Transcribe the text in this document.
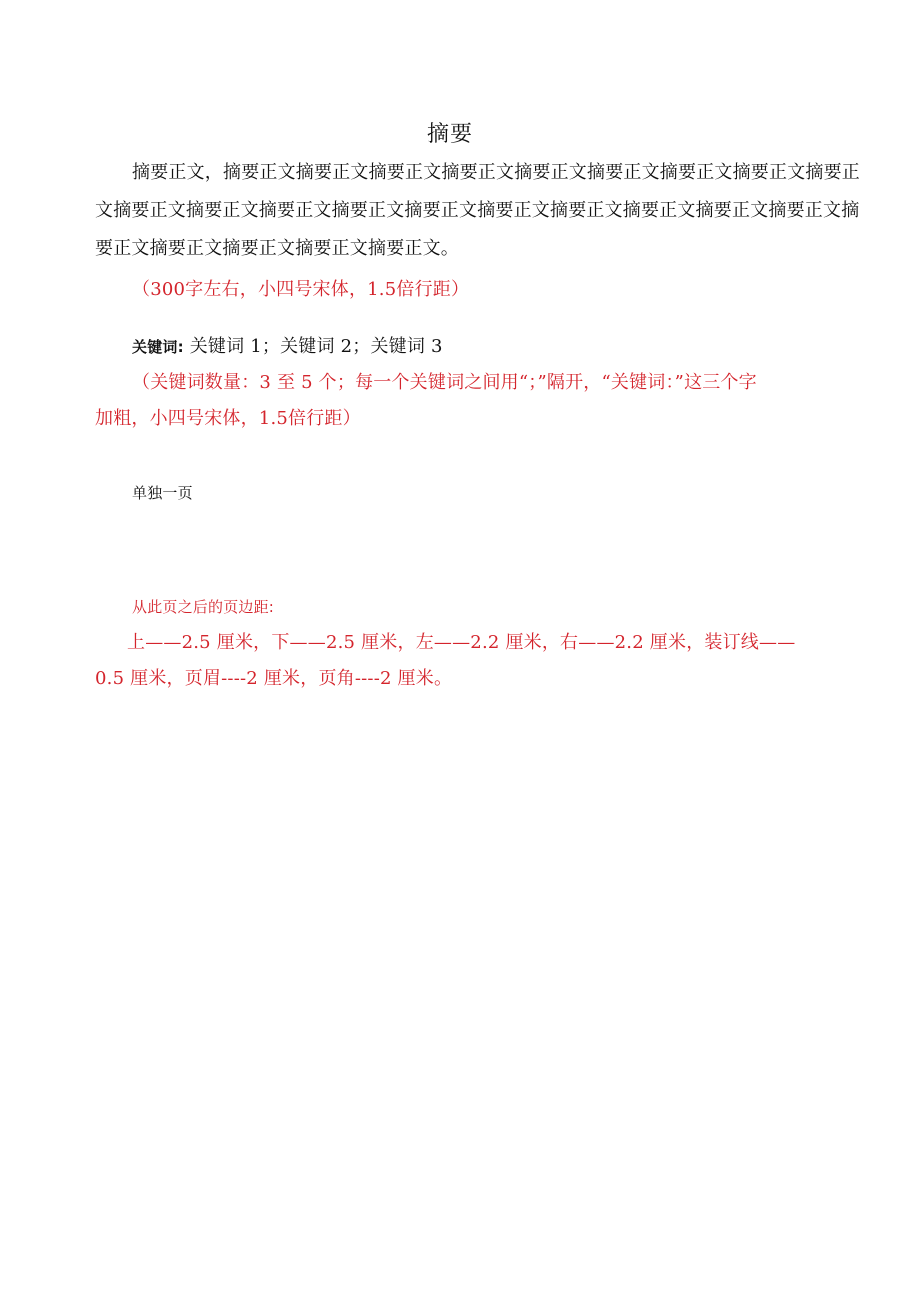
摘要
摘要正文，摘要正文摘要正文摘要正文摘要正文摘要正文摘要正文摘要正文摘要正文摘要正
文摘要正文摘要正文摘要正文摘要正文摘要正文摘要正文摘要正文摘要正文摘要正文摘要正文摘
要正文摘要正文摘要正文摘要正文摘要正文。
（300字左右，小四号宋体，1.5倍行距）
关键词: 关键词 1；关键词 2；关键词 3
（关键词数量：3 至 5 个；每一个关键词之间用“；”隔开，“关键词：”这三个字
加粗，小四号宋体，1.5倍行距）
单独一页
从此页之后的页边距:
上——2.5 厘米，下——2.5 厘米，左——2.2 厘米，右——2.2 厘米，装订线——
0.5 厘米，页眉----2 厘米，页角----2 厘米。
